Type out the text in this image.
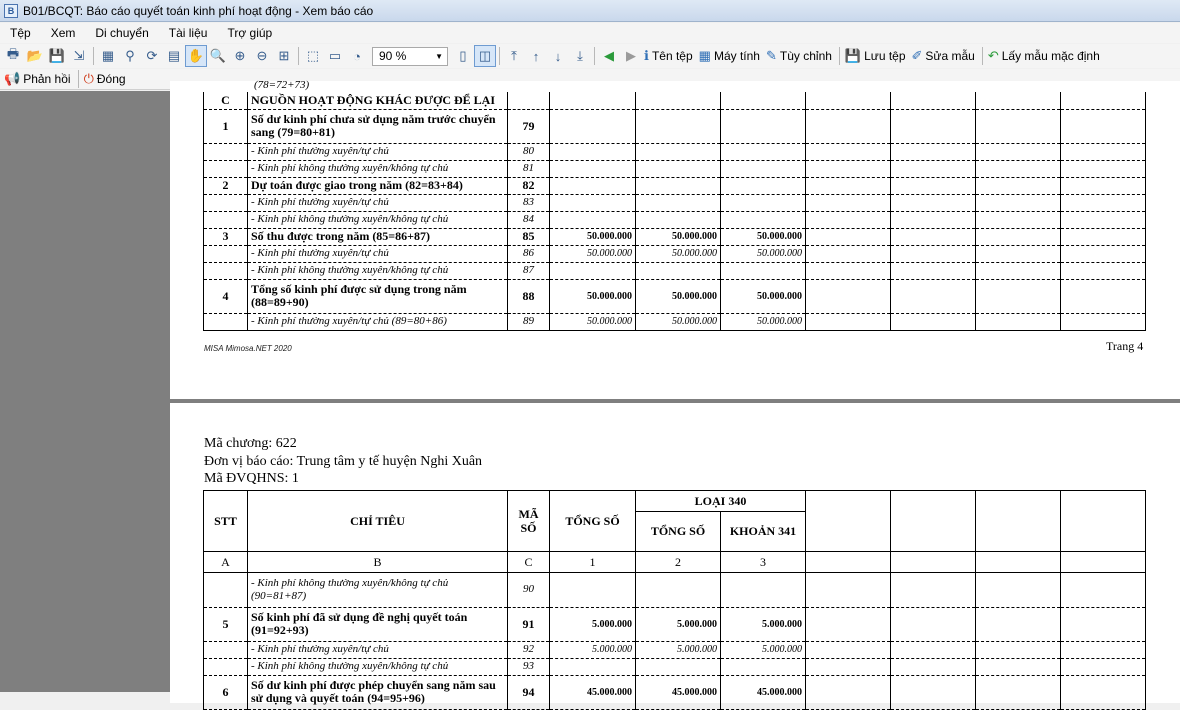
B B01/BCQT: Báo cáo quyết toán kinh phí hoạt động - Xem báo cáo
Tệp	Xem	Di chuyển	Tài liệu	Trợ giúp
🖶 📂 💾 ⇲	▦ ⚲ ⟳ ▤ ✋ 🔍 ⊕ ⊖ ⊞	⬚ ▭ ◔	90 %	▼	▯ ◫	⤒	↑	↓	⤓	◀ ▶ ℹ Tên tệp ▦ Máy tính ✎ Tùy chỉnh 💾 Lưu tệp ✐ Sửa mẫu ↶ Lấy mẫu mặc định
📢 Phản hồi ⏻ Đóng	(78=72+73)
C	NGUỒN HOẠT ĐỘNG KHÁC ĐƯỢC ĐỂ LẠI								
1	Số dư kinh phí chưa sử dụng năm trước chuyển sang (79=80+81)	79							
	- Kinh phí thường xuyên/tự chủ	80							
	- Kinh phí không thường xuyên/không tự chủ	81							
2	Dự toán được giao trong năm (82=83+84)	82							
	- Kinh phí thường xuyên/tự chủ	83							
	- Kinh phí không thường xuyên/không tự chủ	84							
3	Số thu được trong năm (85=86+87)	85	50.000.000	50.000.000	50.000.000				
	- Kinh phí thường xuyên/tự chủ	86	50.000.000	50.000.000	50.000.000				
	- Kinh phí không thường xuyên/không tự chủ	87							
4	Tổng số kinh phí được sử dụng trong năm (88=89+90)	88	50.000.000	50.000.000	50.000.000				
	- Kinh phí thường xuyên/tự chủ (89=80+86)	89	50.000.000	50.000.000	50.000.000				
MISA Mimosa.NET 2020	Trang 4
Mã chương: 622
Đơn vị báo cáo: Trung tâm y tế huyện Nghi Xuân
Mã ĐVQHNS: 1
STT	CHỈ TIÊU	MÃ SỐ	TỔNG SỐ	LOẠI 340					
				TỔNG SỐ	KHOẢN 341				
A	B	C	1	2	3				
	- Kinh phí không thường xuyên/không tự chủ (90=81+87)	90							
5	Số kinh phí đã sử dụng đề nghị quyết toán (91=92+93)	91	5.000.000	5.000.000	5.000.000				
	- Kinh phí thường xuyên/tự chủ	92	5.000.000	5.000.000	5.000.000				
	- Kinh phí không thường xuyên/không tự chủ	93							
6	Số dư kinh phí được phép chuyển sang năm sau sử dụng và quyết toán (94=95+96)	94	45.000.000	45.000.000	45.000.000				
